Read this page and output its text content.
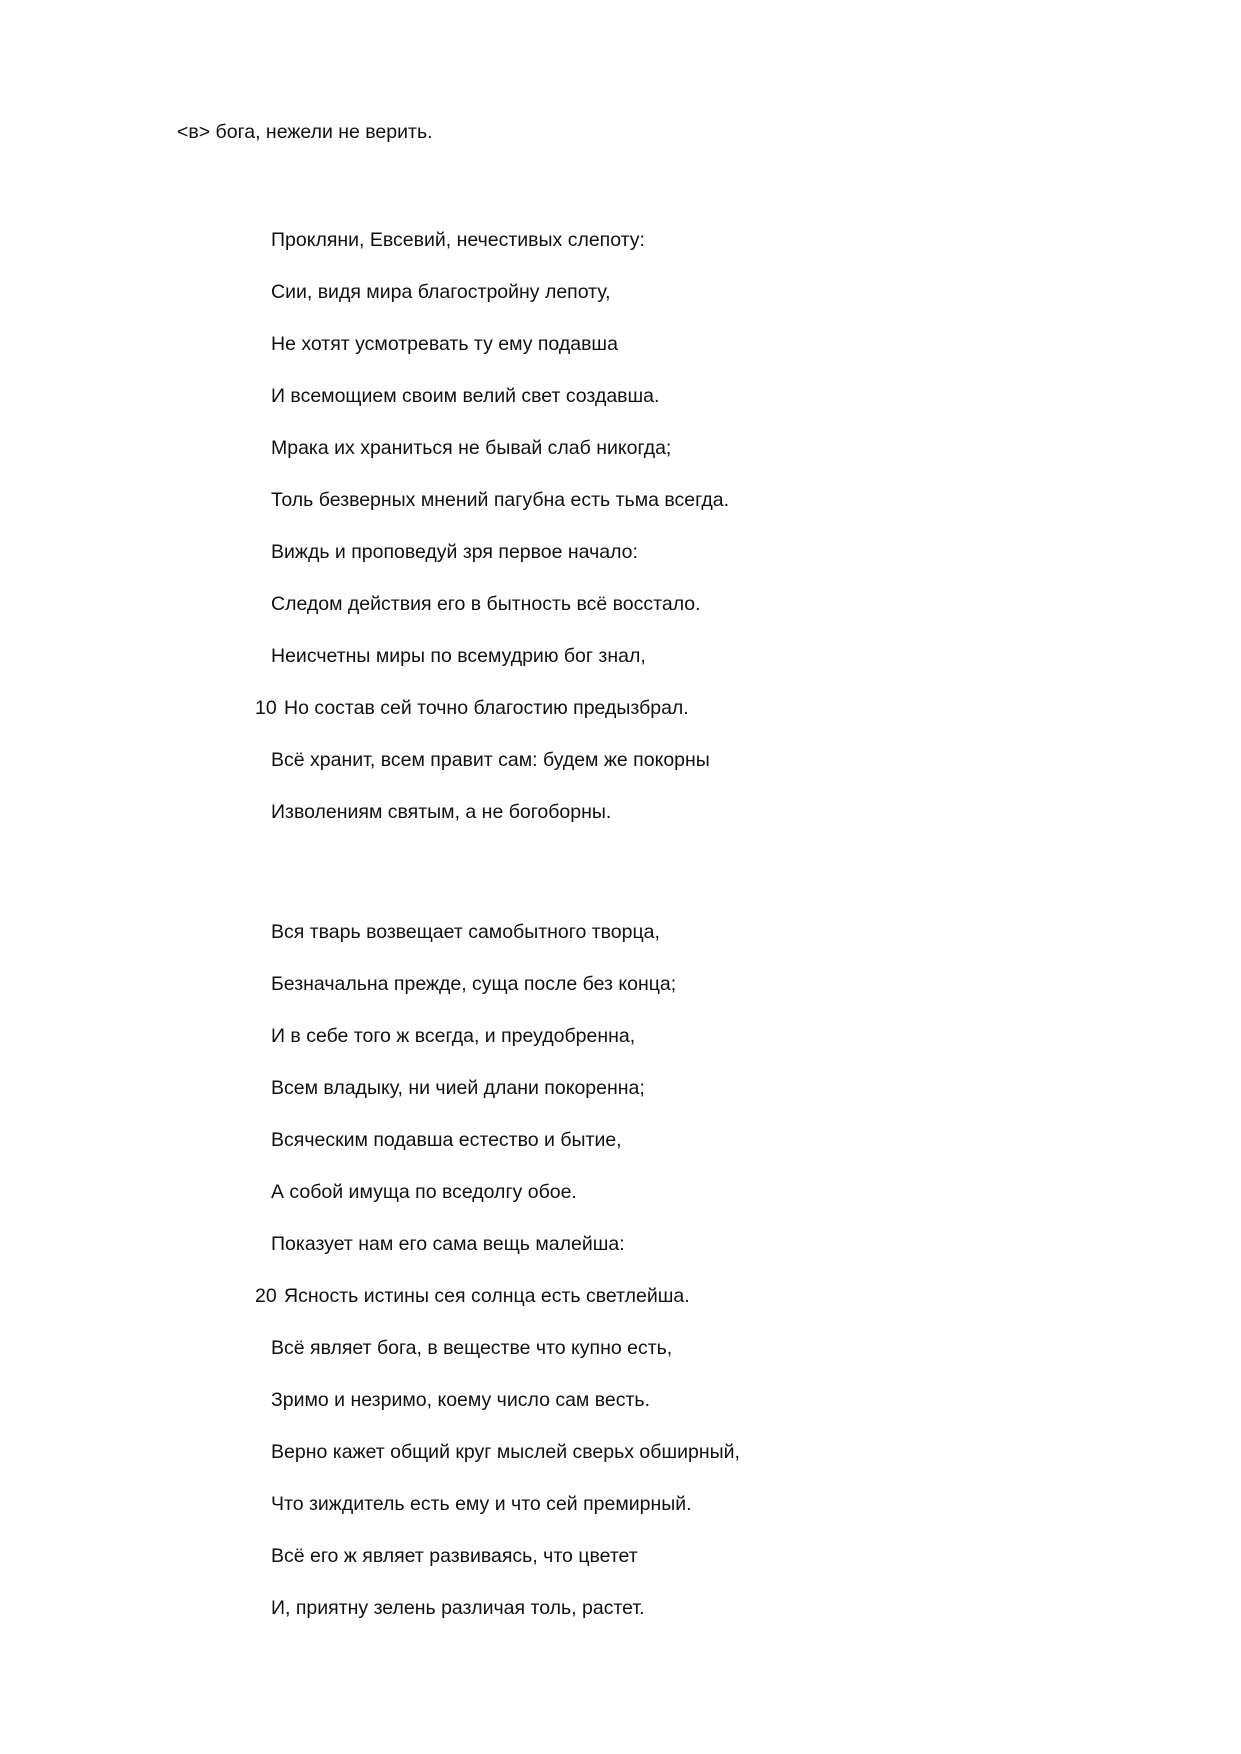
<в> бога, нежели не верить.
Прокляни, Евсевий, нечестивых слепоту:
Сии, видя мира благостройну лепоту,
Не хотят усмотревать ту ему подавша
И всемощием своим велий свет создавша.
Мрака их храниться не бывай слаб никогда;
Толь безверных мнений пагубна есть тьма всегда.
Виждь и проповедуй зря первое начало:
Следом действия его в бытность всё восстало.
Неисчетны миры по всемудрию бог знал,
10 Но состав сей точно благостию предызбрал.
Всё хранит, всем правит сам: будем же покорны
Изволениям святым, а не богоборны.
Вся тварь возвещает самобытного творца,
Безначальна прежде, суща после без конца;
И в себе того ж всегда, и преудобренна,
Всем владыку, ни чией длани покоренна;
Всяческим подавша естество и бытие,
А собой имуща по вседолгу обое.
Показует нам его сама вещь малейша:
20 Ясность истины сея солнца есть светлейша.
Всё являет бога, в веществе что купно есть,
Зримо и незримо, коему число сам весть.
Верно кажет общий круг мыслей сверьх обширный,
Что зиждитель есть ему и что сей премирный.
Всё его ж являет развиваясь, что цветет
И, приятну зелень различая толь, растет.
